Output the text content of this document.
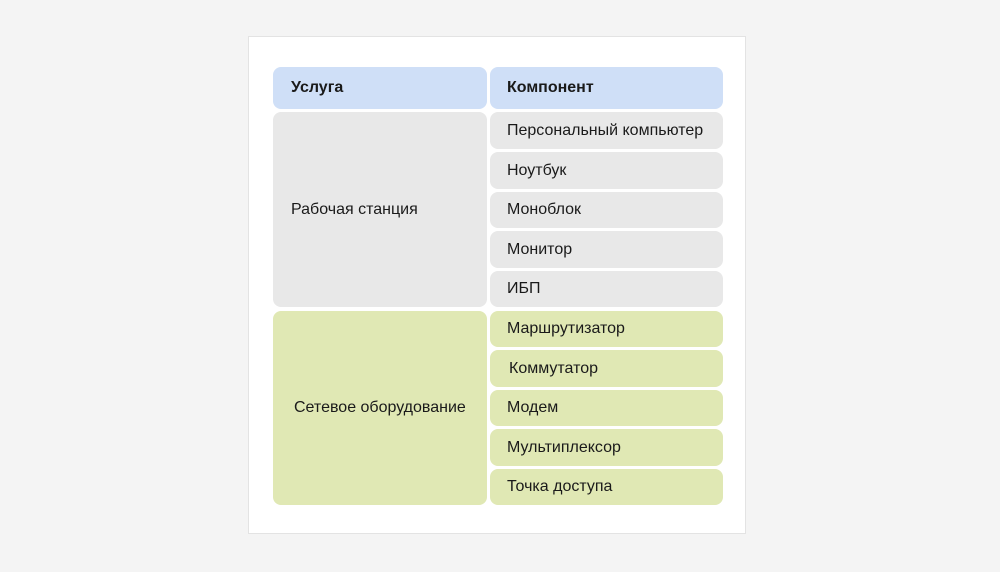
Услуга	Компонент
Рабочая станция
Персональный компьютер
Ноутбук
Моноблок
Монитор
ИБП
Сетевое оборудование
Маршрутизатор
Коммутатор
Модем
Мультиплексор
Точка доступа
